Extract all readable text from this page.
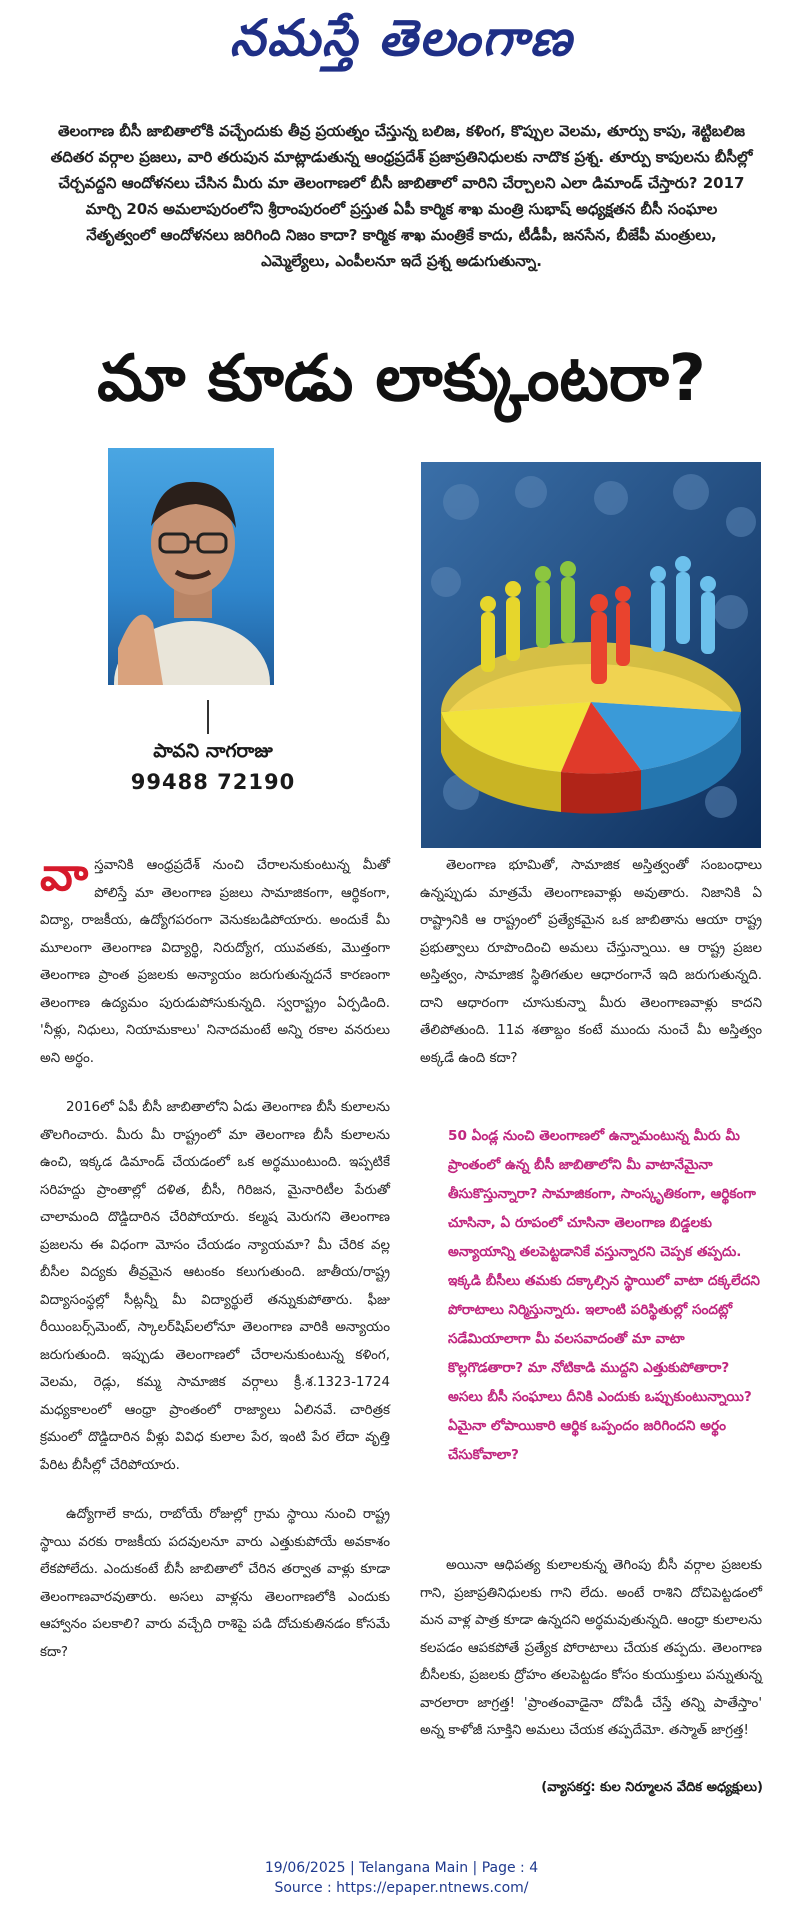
నమస్తే తెలంగాణ
తెలంగాణ బీసీ జాబితాలోకి వచ్చేందుకు తీవ్ర ప్రయత్నం చేస్తున్న బలిజ, కళింగ, కొప్పుల వెలమ, తూర్పు కాపు, శెట్టిబలిజ తదితర వర్గాల ప్రజలు, వారి తరుపున మాట్లాడుతున్న ఆంధ్రప్రదేశ్ ప్రజాప్రతినిధులకు నాదొక ప్రశ్న. తూర్పు కాపులను బీసీల్లో చేర్చవద్దని ఆందోళనలు చేసిన మీరు మా తెలంగాణలో బీసీ జాబితాలో వారిని చేర్చాలని ఎలా డిమాండ్ చేస్తారు? 2017 మార్చి 20న అమలాపురంలోని శ్రీరాంపురంలో ప్రస్తుత ఏపీ కార్మిక శాఖ మంత్రి సుభాష్ అధ్యక్షతన బీసీ సంఘాల నేతృత్వంలో ఆందోళనలు జరిగింది నిజం కాదా? కార్మిక శాఖ మంత్రికే కాదు, టీడీపీ, జనసేన, బీజేపీ మంత్రులు, ఎమ్మెల్యేలు, ఎంపీలనూ ఇదే ప్రశ్న అడుగుతున్నా.
మా కూడు లాక్కుంటరా?
పావని నాగరాజు
99488 72190

వాస్తవానికి ఆంధ్రప్రదేశ్ నుంచి చేరాలనుకుంటున్న మీతో పోలిస్తే మా తెలంగాణ ప్రజలు సామాజికంగా, ఆర్థికంగా, విద్యా, రాజకీయ, ఉద్యోగపరంగా వెనుకబడిపోయారు. అందుకే మీ మూలంగా తెలంగాణ విద్యార్థి, నిరుద్యోగ, యువతకు, మొత్తంగా తెలంగాణ ప్రాంత ప్రజలకు అన్యాయం జరుగుతున్నదనే కారణంగా తెలంగాణ ఉద్యమం పురుడుపోసుకున్నది. స్వరాష్ట్రం ఏర్పడింది. 'నీళ్లు, నిధులు, నియామకాలు' నినాదమంటే అన్ని రకాల వనరులు అని అర్థం.

2016లో ఏపీ బీసీ జాబితాలోని ఏడు తెలంగాణ బీసీ కులాలను తొలగించారు. మీరు మీ రాష్ట్రంలో మా తెలంగాణ బీసీ కులాలను ఉంచి, ఇక్కడ డిమాండ్ చేయడంలో ఒక అర్థముంటుంది. ఇప్పటికే సరిహద్దు ప్రాంతాల్లో దళిత, బీసీ, గిరిజన, మైనారిటీల పేరుతో చాలామంది దొడ్డిదారిన చేరిపోయారు. కల్మష మెరుగని తెలంగాణ ప్రజలను ఈ విధంగా మోసం చేయడం న్యాయమా? మీ చేరిక వల్ల బీసీల విద్యకు తీవ్రమైన ఆటంకం కలుగుతుంది. జాతీయ/రాష్ట్ర విద్యాసంస్థల్లో సీట్లన్నీ మీ విద్యార్థులే తన్నుకుపోతారు. ఫీజు రీయింబర్స్‌మెంట్, స్కాలర్‌షిప్‌లలోనూ తెలంగాణ వారికి అన్యాయం జరుగుతుంది. ఇప్పుడు తెలంగాణలో చేరాలనుకుంటున్న కళింగ, వెలమ, రెడ్లు, కమ్మ సామాజిక వర్గాలు క్రీ.శ.1323-1724 మధ్యకాలంలో ఆంధ్రా ప్రాంతంలో రాజ్యాలు ఏలినవే. చారిత్రక క్రమంలో దొడ్డిదారిన వీళ్లు వివిధ కులాల పేర, ఇంటి పేర లేదా వృత్తి పేరిట బీసీల్లో చేరిపోయారు.

ఉద్యోగాలే కాదు, రాబోయే రోజుల్లో గ్రామ స్థాయి నుంచి రాష్ట్ర స్థాయి వరకు రాజకీయ పదవులనూ వారు ఎత్తుకుపోయే అవకాశం లేకపోలేదు. ఎందుకంటే బీసీ జాబితాలో చేరిన తర్వాత వాళ్లు కూడా తెలంగాణవారవుతారు. అసలు వాళ్లను తెలంగాణలోకి ఎందుకు ఆహ్వానం పలకాలి? వారు వచ్చేది రాశిపై పడి దోచుకుతినడం కోసమే కదా?

తెలంగాణ భూమితో, సామాజిక అస్తిత్వంతో సంబంధాలు ఉన్నప్పుడు మాత్రమే తెలంగాణవాళ్లు అవుతారు. నిజానికి ఏ రాష్ట్రానికి ఆ రాష్ట్రంలో ప్రత్యేకమైన ఒక జాబితాను ఆయా రాష్ట్ర ప్రభుత్వాలు రూపొందించి అమలు చేస్తున్నాయి. ఆ రాష్ట్ర ప్రజల అస్తిత్వం, సామాజిక స్థితిగతుల ఆధారంగానే ఇది జరుగుతున్నది. దాని ఆధారంగా చూసుకున్నా మీరు తెలంగాణవాళ్లు కాదని తేలిపోతుంది. 11వ శతాబ్దం కంటే ముందు నుంచే మీ అస్తిత్వం అక్కడే ఉంది కదా?

50 ఏండ్ల నుంచి తెలంగాణలో ఉన్నామంటున్న మీరు మీ ప్రాంతంలో ఉన్న బీసీ జాబితాలోని మీ వాటానేమైనా తీసుకొస్తున్నారా? సామాజికంగా, సాంస్కృతికంగా, ఆర్థికంగా చూసినా, ఏ రూపంలో చూసినా తెలంగాణ బిడ్డలకు అన్యాయాన్ని తలపెట్టడానికే వస్తున్నారని చెప్పక తప్పదు. ఇక్కడి బీసీలు తమకు దక్కాల్సిన స్థాయిలో వాటా దక్కలేదని పోరాటాలు నిర్మిస్తున్నారు. ఇలాంటి పరిస్థితుల్లో సందట్లో సడేమియాలాగా మీ వలసవాదంతో మా వాటా కొల్లగొడతారా? మా నోటికాడి ముద్దని ఎత్తుకుపోతారా? అసలు బీసీ సంఘాలు దీనికి ఎందుకు ఒప్పుకుంటున్నాయి? ఏమైనా లోపాయికారి ఆర్థిక ఒప్పందం జరిగిందని అర్థం చేసుకోవాలా?

అయినా ఆధిపత్య కులాలకున్న తెగింపు బీసీ వర్గాల ప్రజలకు గాని, ప్రజాప్రతినిధులకు గాని లేదు. అంటే రాశిని దోచిపెట్టడంలో మన వాళ్ల పాత్ర కూడా ఉన్నదని అర్థమవుతున్నది. ఆంధ్రా కులాలను కలపడం ఆపకపోతే ప్రత్యేక పోరాటాలు చేయక తప్పదు. తెలంగాణ బీసీలకు, ప్రజలకు ద్రోహం తలపెట్టడం కోసం కుయుక్తులు పన్నుతున్న వారలారా జాగ్రత్త! 'ప్రాంతంవాడైనా దోపిడీ చేస్తే తన్ని పాతేస్తాం' అన్న కాళోజీ సూక్తిని అమలు చేయక తప్పదేమో. తస్మాత్ జాగ్రత్త!

(వ్యాసకర్త: కుల నిర్మూలన వేదిక అధ్యక్షులు)
19/06/2025 | Telangana Main | Page : 4
Source : https://epaper.ntnews.com/
